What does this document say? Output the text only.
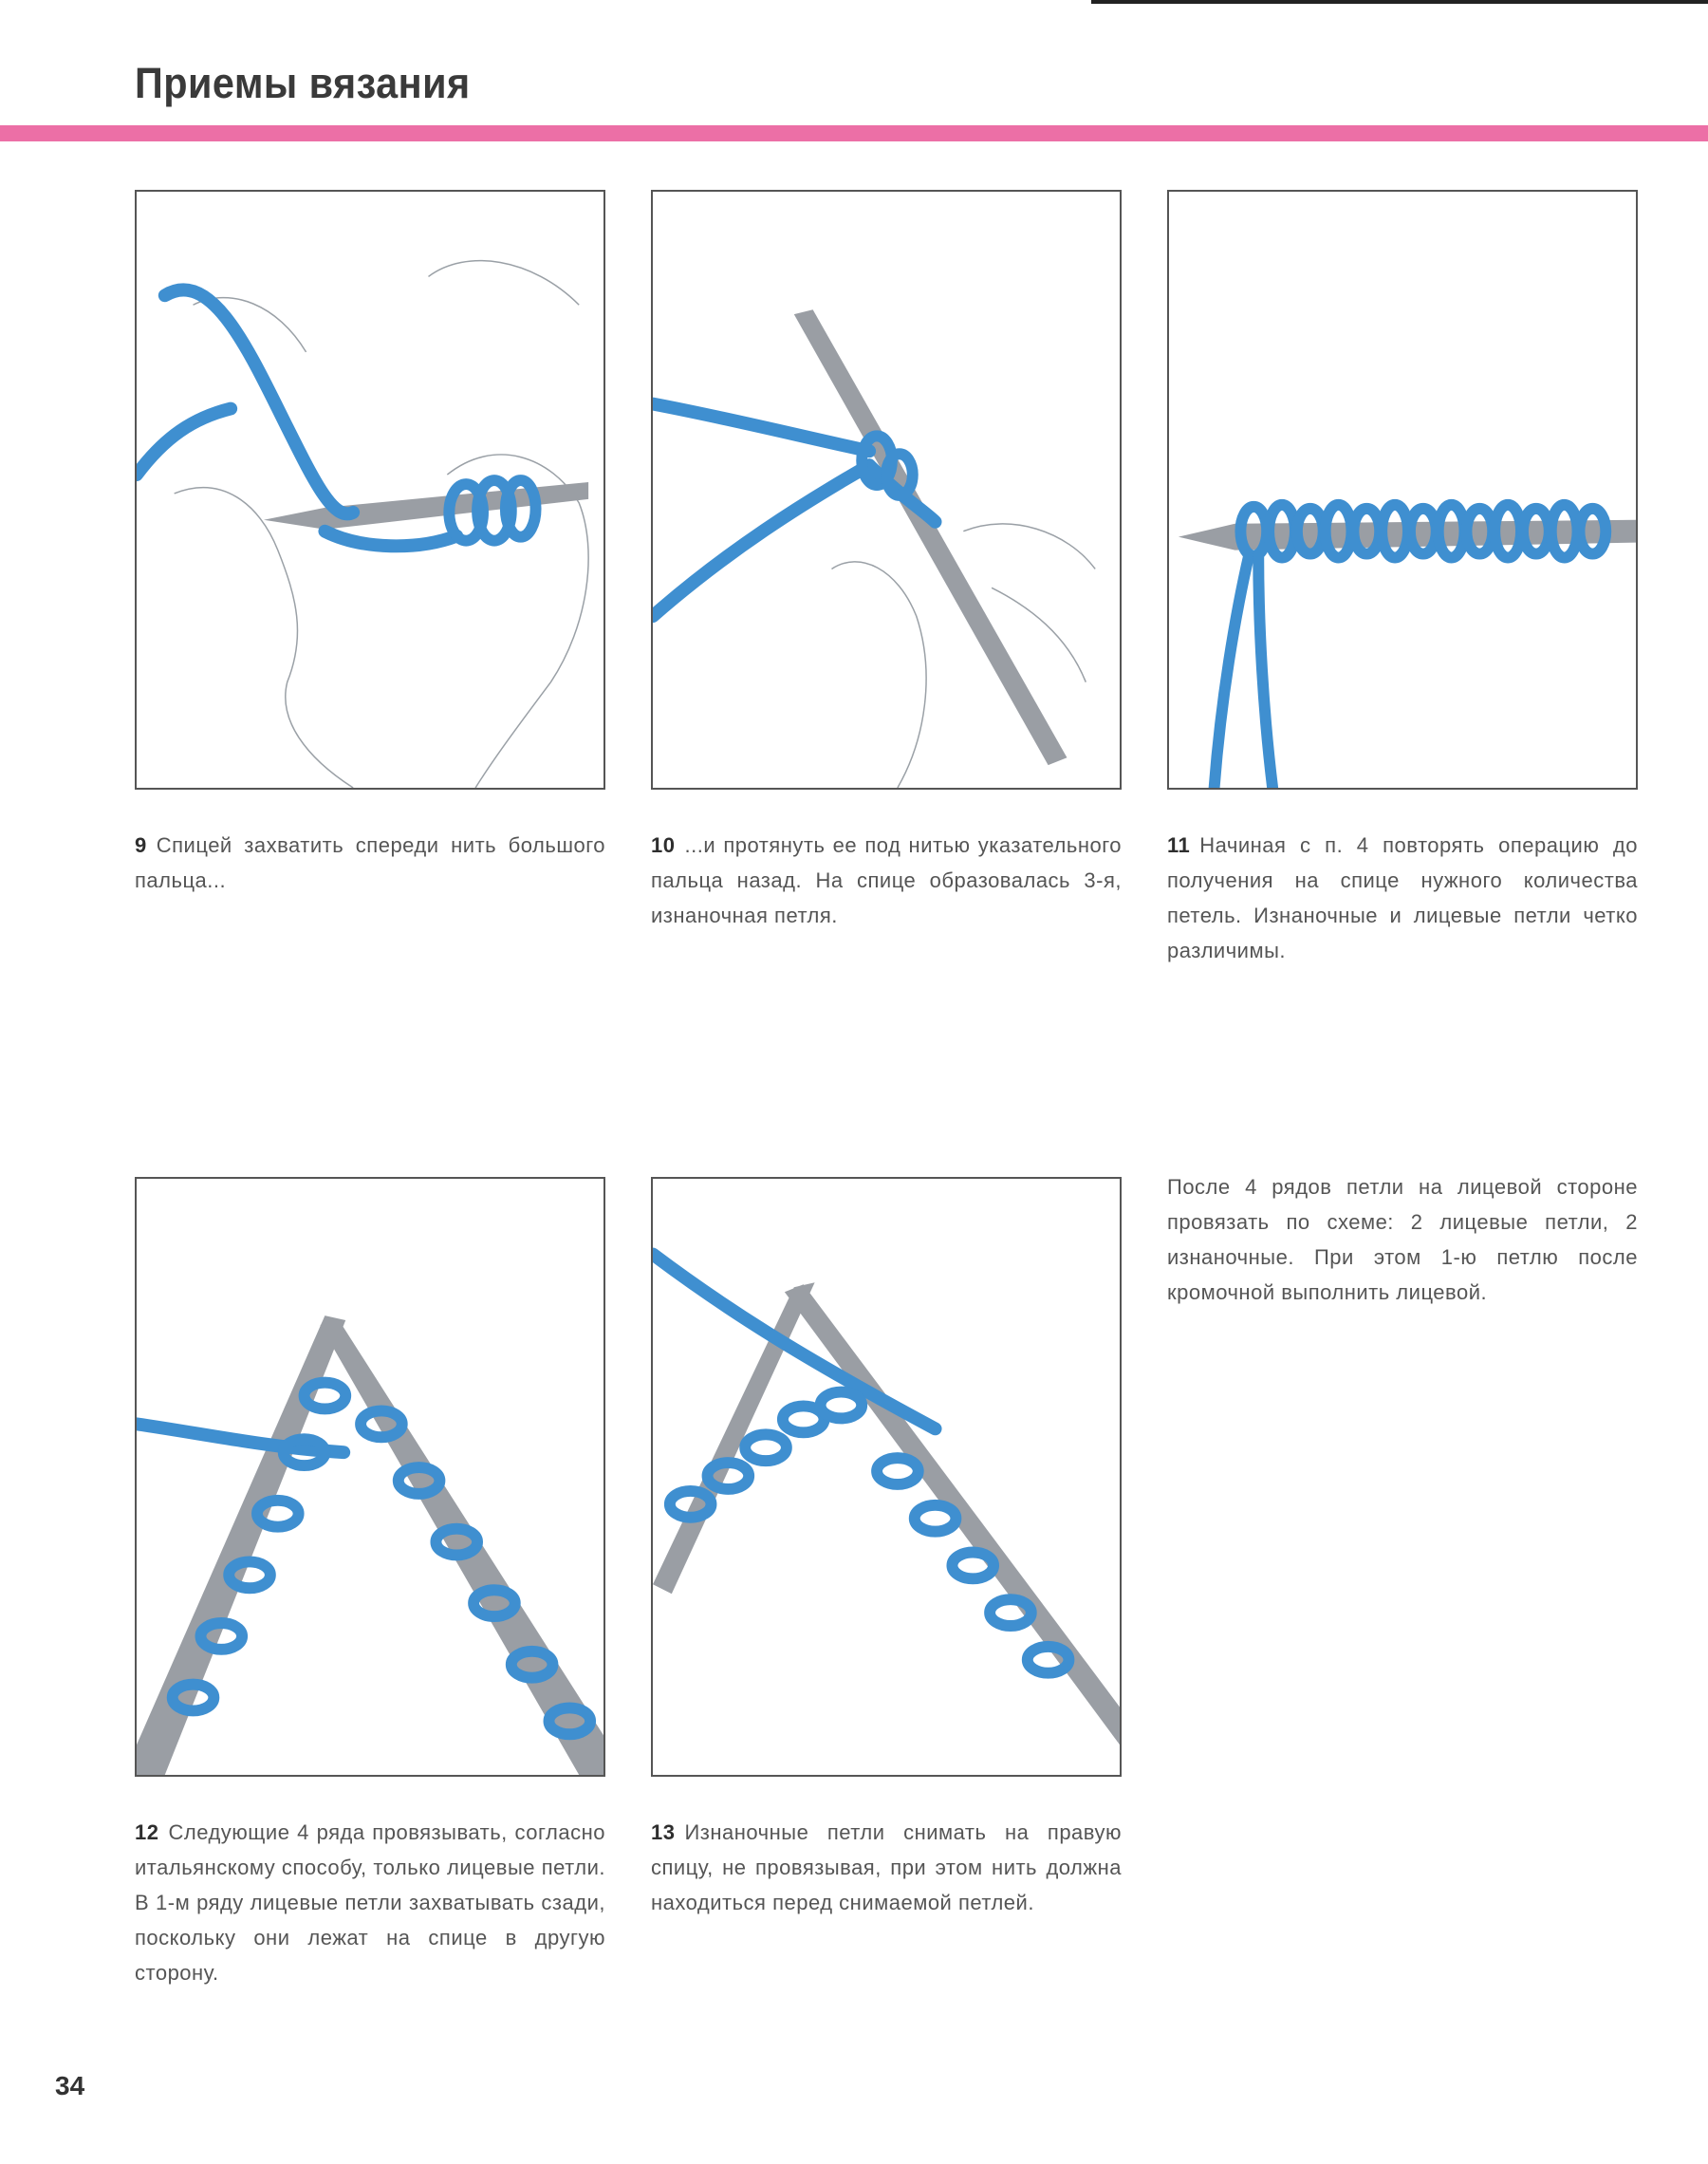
Приемы вязания
9 Спицей захватить спереди нить большого пальца...
10 ...и протянуть ее под нитью указательного пальца назад. На спице образовалась 3-я, изнаночная петля.
11 Начиная с п. 4 повторять операцию до получения на спице нужного количества петель. Изнаночные и лицевые петли четко различимы.
После 4 рядов петли на лицевой стороне провязать по схеме: 2 лицевые петли, 2 изнаночные. При этом 1-ю петлю после кромочной выполнить лицевой.
12 Следующие 4 ряда провязывать, согласно итальянскому способу, только лицевые петли. В 1-м ряду лицевые петли захватывать сзади, поскольку они лежат на спице в другую сторону.
13 Изнаночные петли снимать на правую спицу, не провязывая, при этом нить должна находиться перед снимаемой петлей.
34
